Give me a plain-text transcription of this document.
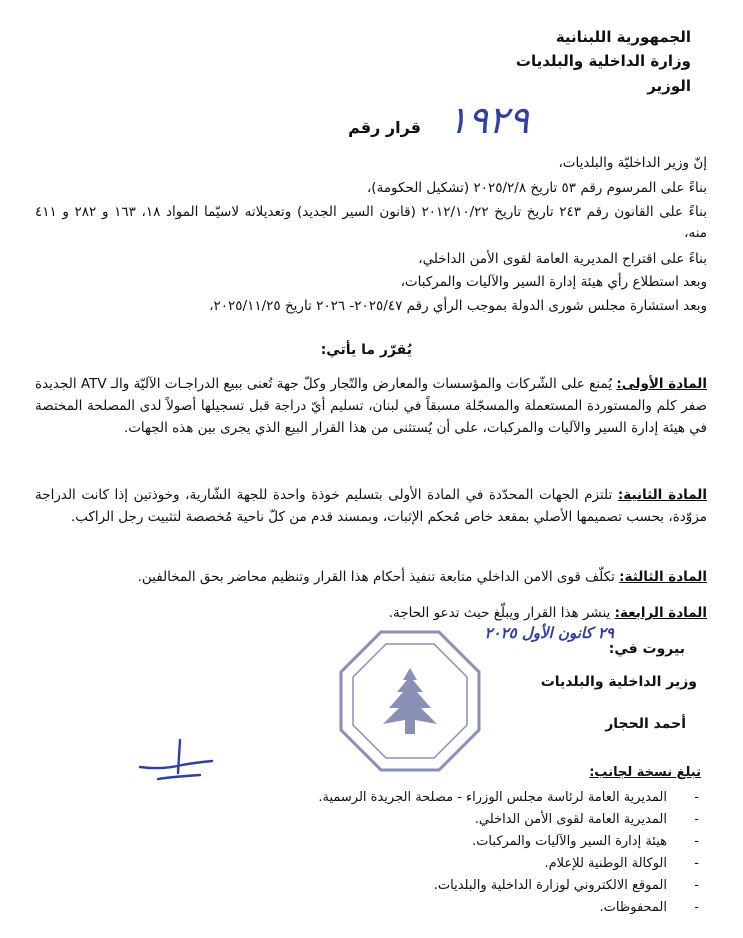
الجمهورية اللبنانية
وزارة الداخلية والبلديات
الوزير
قرار رقم ١٩٢٩
إنّ وزير الداخليّة والبلديات،
بناءً على المرسوم رقم ٥٣ تاريخ ٢٠٢٥/٢/٨ (تشكيل الحكومة)،
بناءً على القانون رقم ٢٤٣ تاريخ تاريخ ٢٠١٢/١٠/٢٢ (قانون السير الجديد) وتعديلاته لاسيّما المواد ١٨، ١٦٣ و ٢٨٢ و ٤١١ منه،
بناءً على اقتراح المديرية العامة لقوى الأمن الداخلي،
وبعد استطلاع رأي هيئة إدارة السير والآليات والمركبات،
وبعد استشارة مجلس شورى الدولة بموجب الرأي رقم ٢٠٢٥/٤٧- ٢٠٢٦ تاريخ ٢٠٢٥/١١/٢٥،
يُقرّر ما يأتي:
المادة الأولى: يُمنع على الشّركات والمؤسسات والمعارض والتّجار وكلّ جهة تُعنى ببيع الدراجـات الآليّة والـ ATV الجديدة صفر كلم والمستوردة المستعملة والمسجّلة مسبقاً في لبنان، تسليم أيّ دراجة قبل تسجيلها أصولاً لدى المصلحة المختصة في هيئة إدارة السير والآليات والمركبات، على أن يُستثنى من هذا القرار البيع الذي يجرى بين هذه الجهات.
المادة الثانية: تلتزم الجهات المحدّدة في المادة الأولى بتسليم خوذة واحدة للجهة الشّارية، وخوذتين إذا كانت الدراجة مزوّدة، بحسب تصميمها الأصلي بمقعد خاص مُحكم الإثبات، وبمسند قدم من كلّ ناحية مُخصصة لتثبيت رجل الراكب.
المادة الثالثة: تكلّف قوى الامن الداخلي متابعة تنفيذ أحكام هذا القرار وتنظيم محاضر بحق المخالفين.
المادة الرابعة: ينشر هذا القرار ويبلّغ حيث تدعو الحاجة.
بيروت في:
٢٩ كانون الأول ٢٠٢٥
وزير الداخلية والبلديات
أحمد الحجار
تبلغ نسخة لجانب:
-
المديرية العامة لرئاسة مجلس الوزراء - مصلحة الجريدة الرسمية.
-
المديرية العامة لقوى الأمن الداخلي.
-
هيئة إدارة السير والآليات والمركبات.
-
الوكالة الوطنية للإعلام.
-
الموقع الالكتروني لوزارة الداخلية والبلديات.
-
المحفوظات.
